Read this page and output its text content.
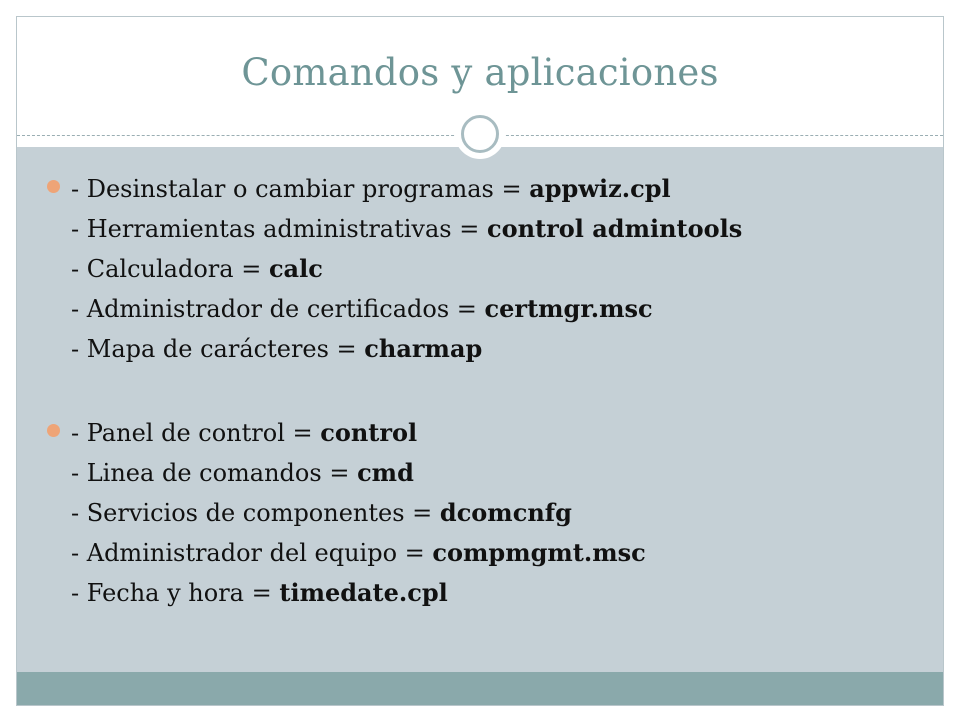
Comandos y aplicaciones
- Desinstalar o cambiar programas = appwiz.cpl
- Herramientas administrativas = control admintools
- Calculadora = calc
- Administrador de certificados = certmgr.msc
- Mapa de carácteres = charmap
- Panel de control = control
- Linea de comandos = cmd
- Servicios de componentes = dcomcnfg
- Administrador del equipo = compmgmt.msc
- Fecha y hora = timedate.cpl
